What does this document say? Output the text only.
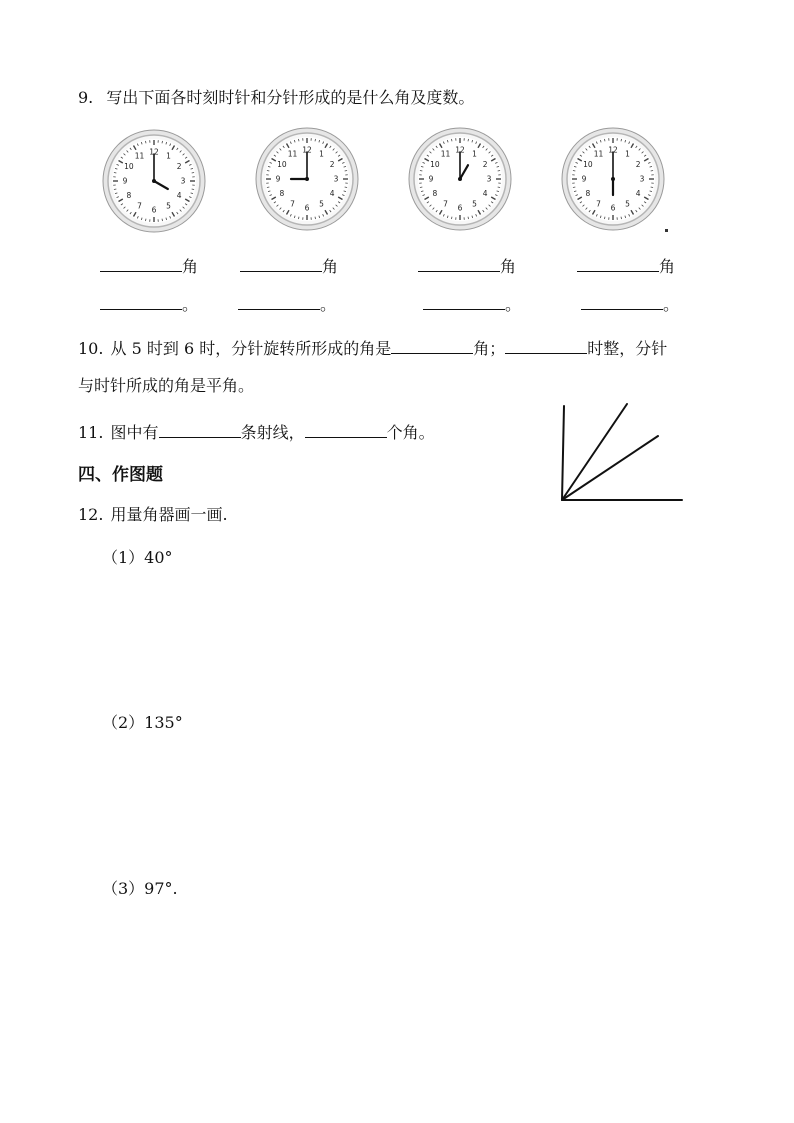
9. 写出下面各时刻时针和分针形成的是什么角及度数。
12 1
2
3
4
5
6
7
8
9
10
11
12 1
2
3
4
5
6
7
8
9
10
11	12 1
2
3
4
5
6
7
8
9
10
11	12 1
2
3
4
5
6
7
8
9
10
11
角	角	角	角
。	。	。	。
10. 从 5 时到 6 时，分针旋转所形成的角是	角；	时整，分针
与时针所成的角是平角。
11. 图中有	条射线，	个角。
四、作图题
12. 用量角器画一画.
（1）40°
（2）135°
（3）97°.
